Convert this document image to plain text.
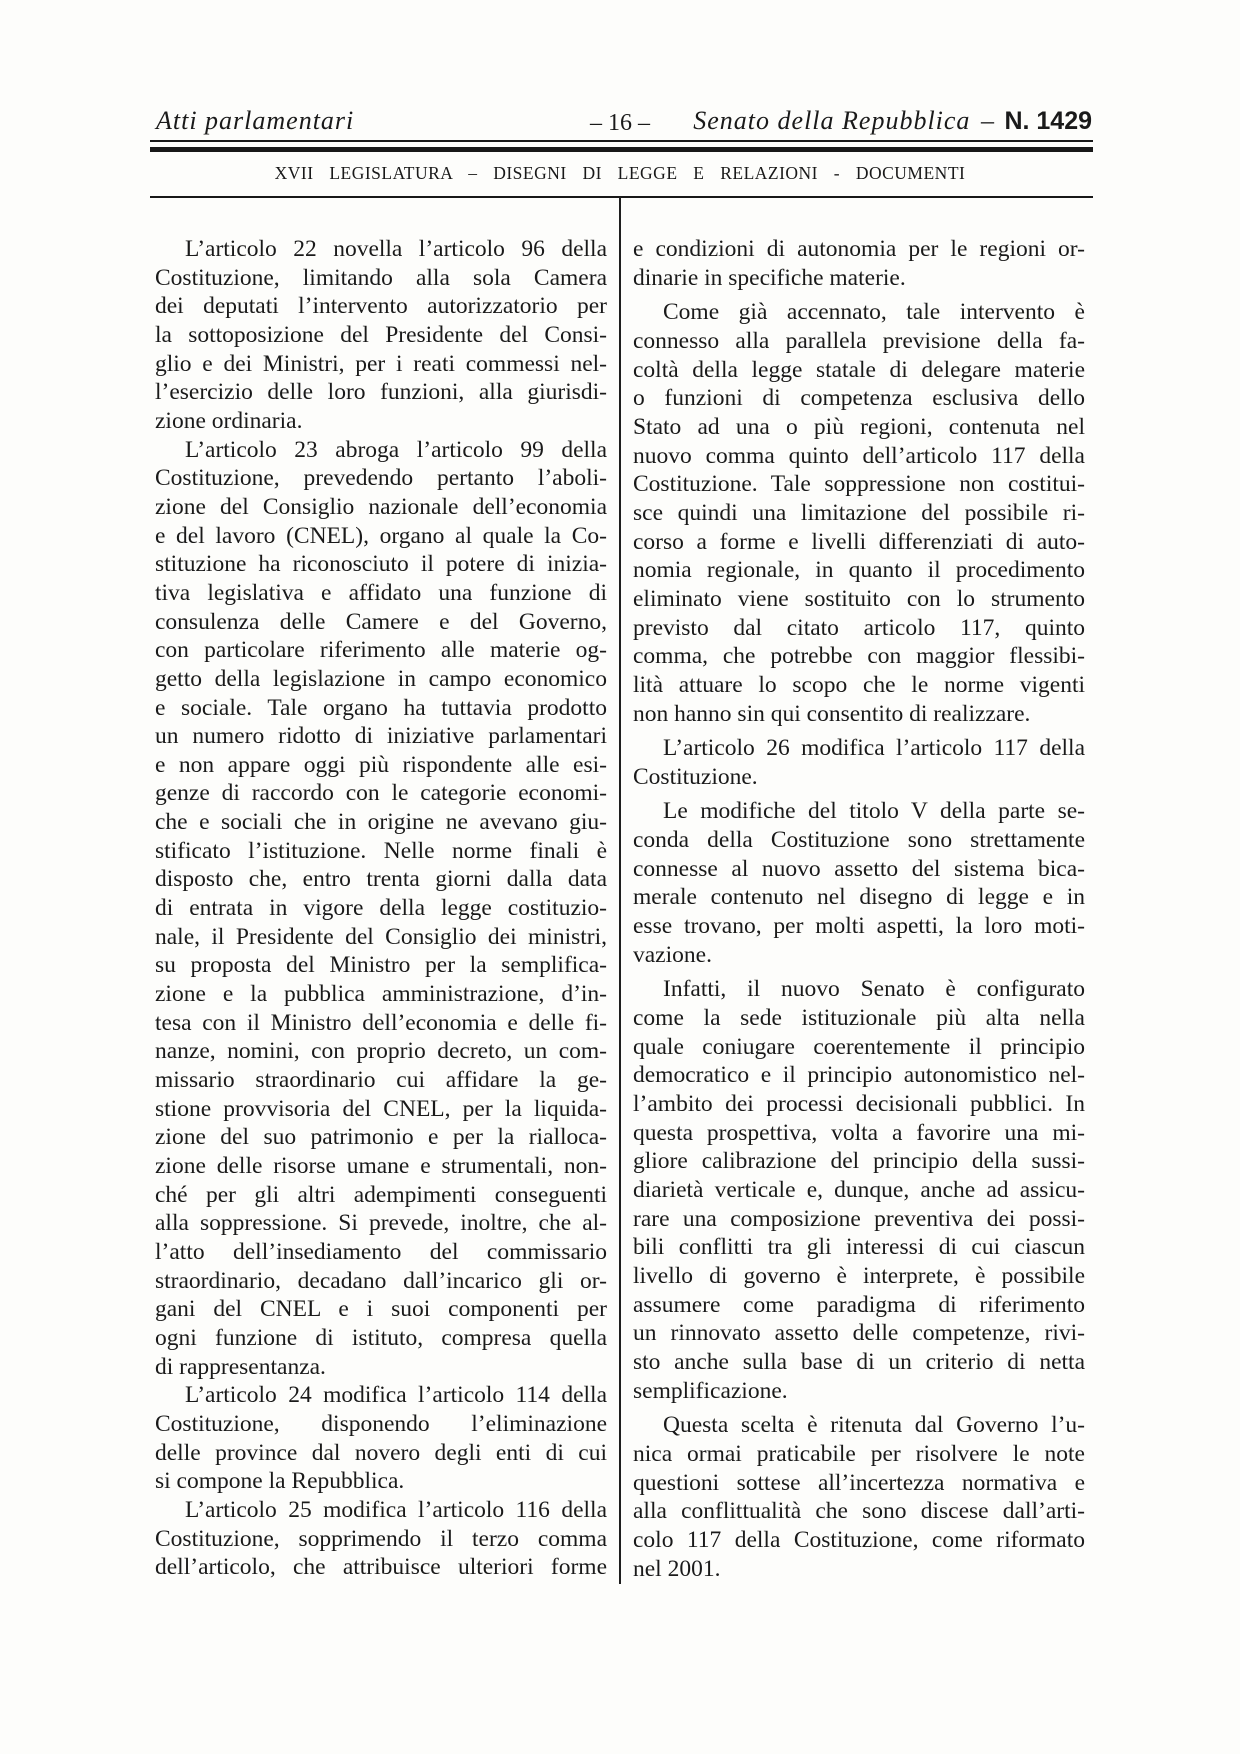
Atti parlamentari	– 16 –	Senato della Repubblica – N. 1429
XVII  LEGISLATURA  –  DISEGNI  DI  LEGGE  E  RELAZIONI  -  DOCUMENTI
L’articolo 22 novella l’articolo 96 della
Costituzione, limitando alla sola Camera
dei deputati l’intervento autorizzatorio per
la sottoposizione del Presidente del Consi-
glio e dei Ministri, per i reati commessi nel-
l’esercizio delle loro funzioni, alla giurisdi-
zione ordinaria.
L’articolo 23 abroga l’articolo 99 della
Costituzione, prevedendo pertanto l’aboli-
zione del Consiglio nazionale dell’economia
e del lavoro (CNEL), organo al quale la Co-
stituzione ha riconosciuto il potere di inizia-
tiva legislativa e affidato una funzione di
consulenza delle Camere e del Governo,
con particolare riferimento alle materie og-
getto della legislazione in campo economico
e sociale. Tale organo ha tuttavia prodotto
un numero ridotto di iniziative parlamentari
e non appare oggi più rispondente alle esi-
genze di raccordo con le categorie economi-
che e sociali che in origine ne avevano giu-
stificato l’istituzione. Nelle norme finali è
disposto che, entro trenta giorni dalla data
di entrata in vigore della legge costituzio-
nale, il Presidente del Consiglio dei ministri,
su proposta del Ministro per la semplifica-
zione e la pubblica amministrazione, d’in-
tesa con il Ministro dell’economia e delle fi-
nanze, nomini, con proprio decreto, un com-
missario straordinario cui affidare la ge-
stione provvisoria del CNEL, per la liquida-
zione del suo patrimonio e per la rialloca-
zione delle risorse umane e strumentali, non-
ché per gli altri adempimenti conseguenti
alla soppressione. Si prevede, inoltre, che al-
l’atto dell’insediamento del commissario
straordinario, decadano dall’incarico gli or-
gani del CNEL e i suoi componenti per
ogni funzione di istituto, compresa quella
di rappresentanza.
L’articolo 24 modifica l’articolo 114 della
Costituzione, disponendo l’eliminazione
delle province dal novero degli enti di cui
si compone la Repubblica.
L’articolo 25 modifica l’articolo 116 della
Costituzione, sopprimendo il terzo comma
dell’articolo, che attribuisce ulteriori forme
e condizioni di autonomia per le regioni or-
dinarie in specifiche materie.
Come già accennato, tale intervento è
connesso alla parallela previsione della fa-
coltà della legge statale di delegare materie
o funzioni di competenza esclusiva dello
Stato ad una o più regioni, contenuta nel
nuovo comma quinto dell’articolo 117 della
Costituzione. Tale soppressione non costitui-
sce quindi una limitazione del possibile ri-
corso a forme e livelli differenziati di auto-
nomia regionale, in quanto il procedimento
eliminato viene sostituito con lo strumento
previsto dal citato articolo 117, quinto
comma, che potrebbe con maggior flessibi-
lità attuare lo scopo che le norme vigenti
non hanno sin qui consentito di realizzare.
L’articolo 26 modifica l’articolo 117 della
Costituzione.
Le modifiche del titolo V della parte se-
conda della Costituzione sono strettamente
connesse al nuovo assetto del sistema bica-
merale contenuto nel disegno di legge e in
esse trovano, per molti aspetti, la loro moti-
vazione.
Infatti, il nuovo Senato è configurato
come la sede istituzionale più alta nella
quale coniugare coerentemente il principio
democratico e il principio autonomistico nel-
l’ambito dei processi decisionali pubblici. In
questa prospettiva, volta a favorire una mi-
gliore calibrazione del principio della sussi-
diarietà verticale e, dunque, anche ad assicu-
rare una composizione preventiva dei possi-
bili conflitti tra gli interessi di cui ciascun
livello di governo è interprete, è possibile
assumere come paradigma di riferimento
un rinnovato assetto delle competenze, rivi-
sto anche sulla base di un criterio di netta
semplificazione.
Questa scelta è ritenuta dal Governo l’u-
nica ormai praticabile per risolvere le note
questioni sottese all’incertezza normativa e
alla conflittualità che sono discese dall’arti-
colo 117 della Costituzione, come riformato
nel 2001.
